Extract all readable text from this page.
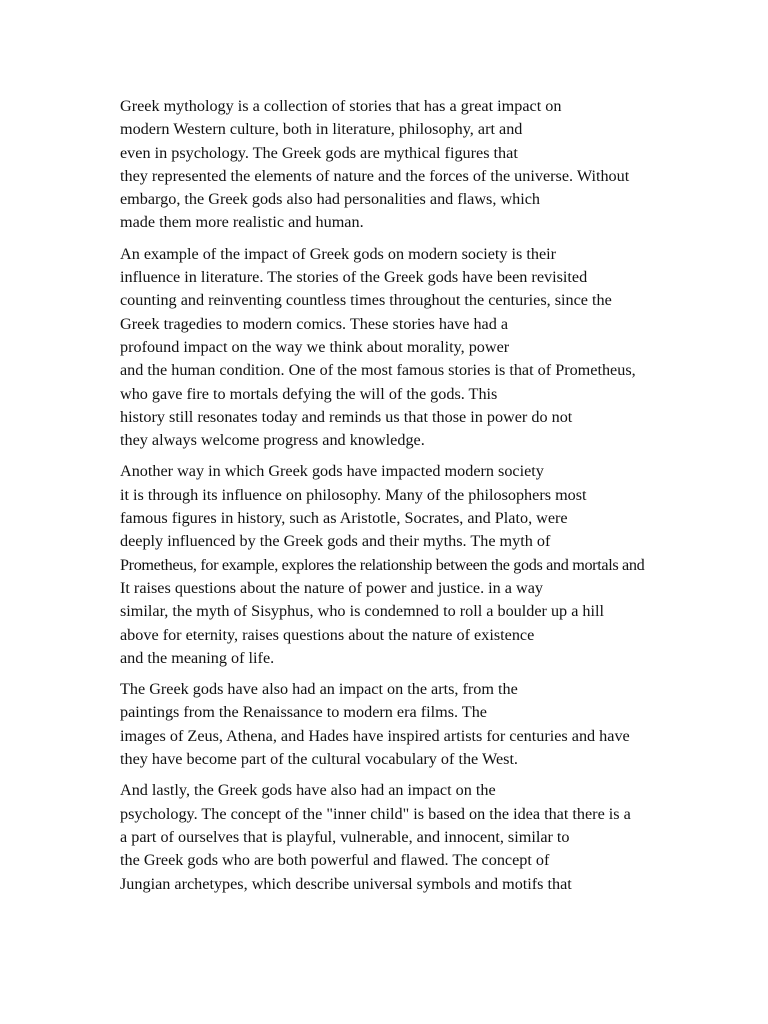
Greek mythology is a collection of stories that has a great impact on
modern Western culture, both in literature, philosophy, art and
even in psychology. The Greek gods are mythical figures that
they represented the elements of nature and the forces of the universe. Without
embargo, the Greek gods also had personalities and flaws, which
made them more realistic and human.

An example of the impact of Greek gods on modern society is their
influence in literature. The stories of the Greek gods have been revisited
counting and reinventing countless times throughout the centuries, since the
Greek tragedies to modern comics. These stories have had a
profound impact on the way we think about morality, power
and the human condition. One of the most famous stories is that of Prometheus,
who gave fire to mortals defying the will of the gods. This
history still resonates today and reminds us that those in power do not
they always welcome progress and knowledge.

Another way in which Greek gods have impacted modern society
it is through its influence on philosophy. Many of the philosophers most
famous figures in history, such as Aristotle, Socrates, and Plato, were
deeply influenced by the Greek gods and their myths. The myth of
Prometheus, for example, explores the relationship between the gods and mortals and
It raises questions about the nature of power and justice. in a way
similar, the myth of Sisyphus, who is condemned to roll a boulder up a hill
above for eternity, raises questions about the nature of existence
and the meaning of life.

The Greek gods have also had an impact on the arts, from the
paintings from the Renaissance to modern era films. The
images of Zeus, Athena, and Hades have inspired artists for centuries and have
they have become part of the cultural vocabulary of the West.

And lastly, the Greek gods have also had an impact on the
psychology. The concept of the "inner child" is based on the idea that there is a
a part of ourselves that is playful, vulnerable, and innocent, similar to
the Greek gods who are both powerful and flawed. The concept of
Jungian archetypes, which describe universal symbols and motifs that
